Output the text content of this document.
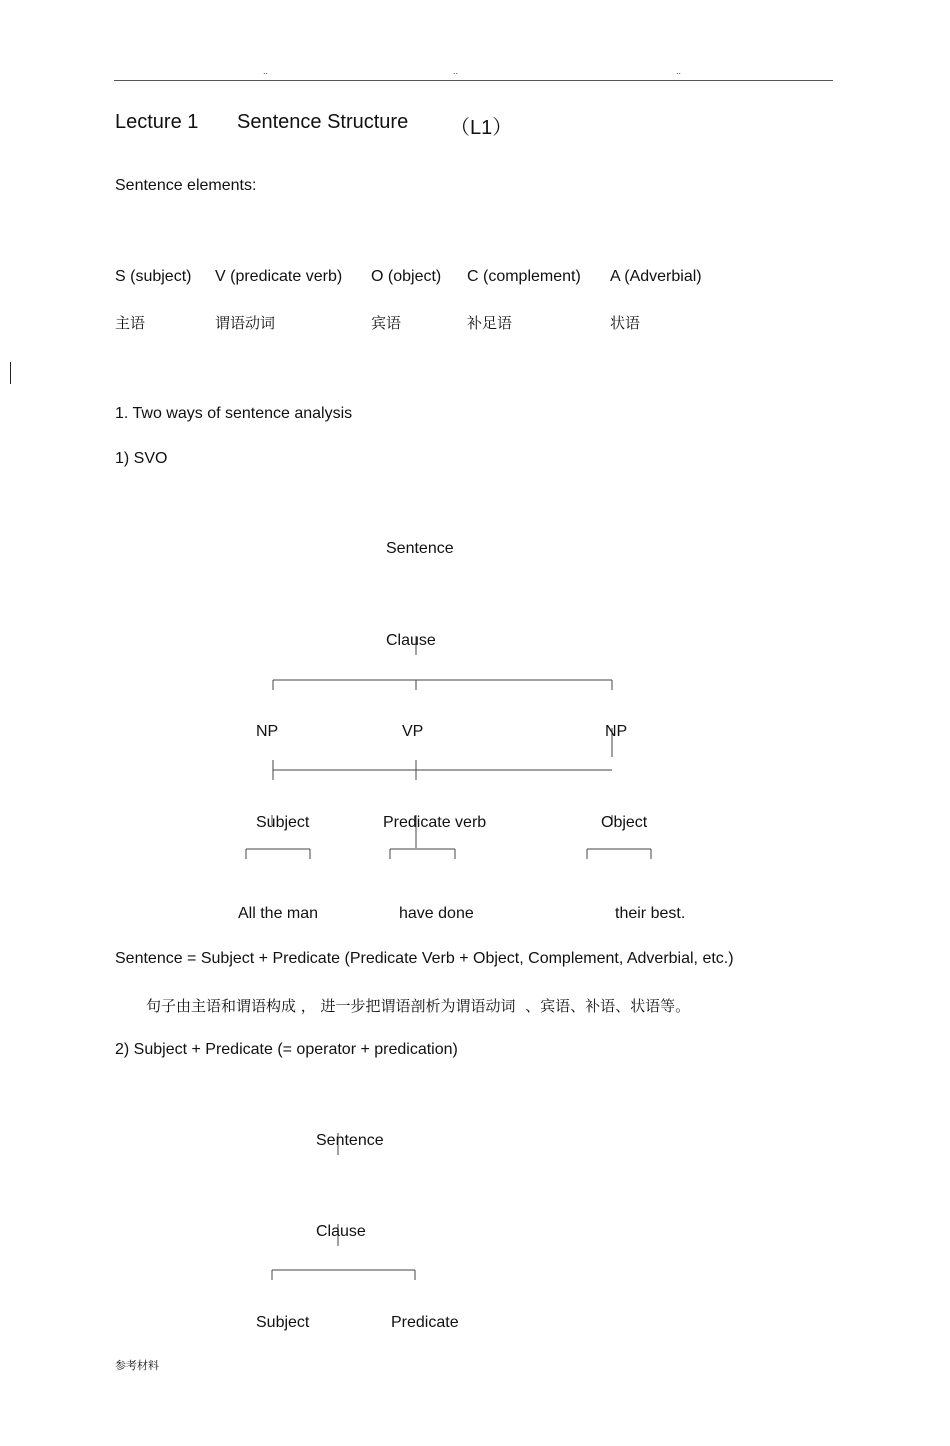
..	..	..
Lecture 1 Sentence Structure （L1）
Sentence elements:
S (subject) V (predicate verb) O (object) C (complement) A (Adverbial)
主语	谓语动词	宾语	补足语	状语
1. Two ways of sentence analysis
1) SVO
Sentence
Clause
NP	VP	NP
Subject	Predicate verb	Object
All the man	have done	their best.
Sentence = Subject + Predicate (Predicate Verb + Object, Complement, Adverbial, etc.)
句子由主语和谓语构成 ， 进一步把谓语剖析为谓语动词  、宾语、补语、状语等。
2) Subject + Predicate (= operator + predication)
Sentence
Clause
Subject	Predicate
参考材料
